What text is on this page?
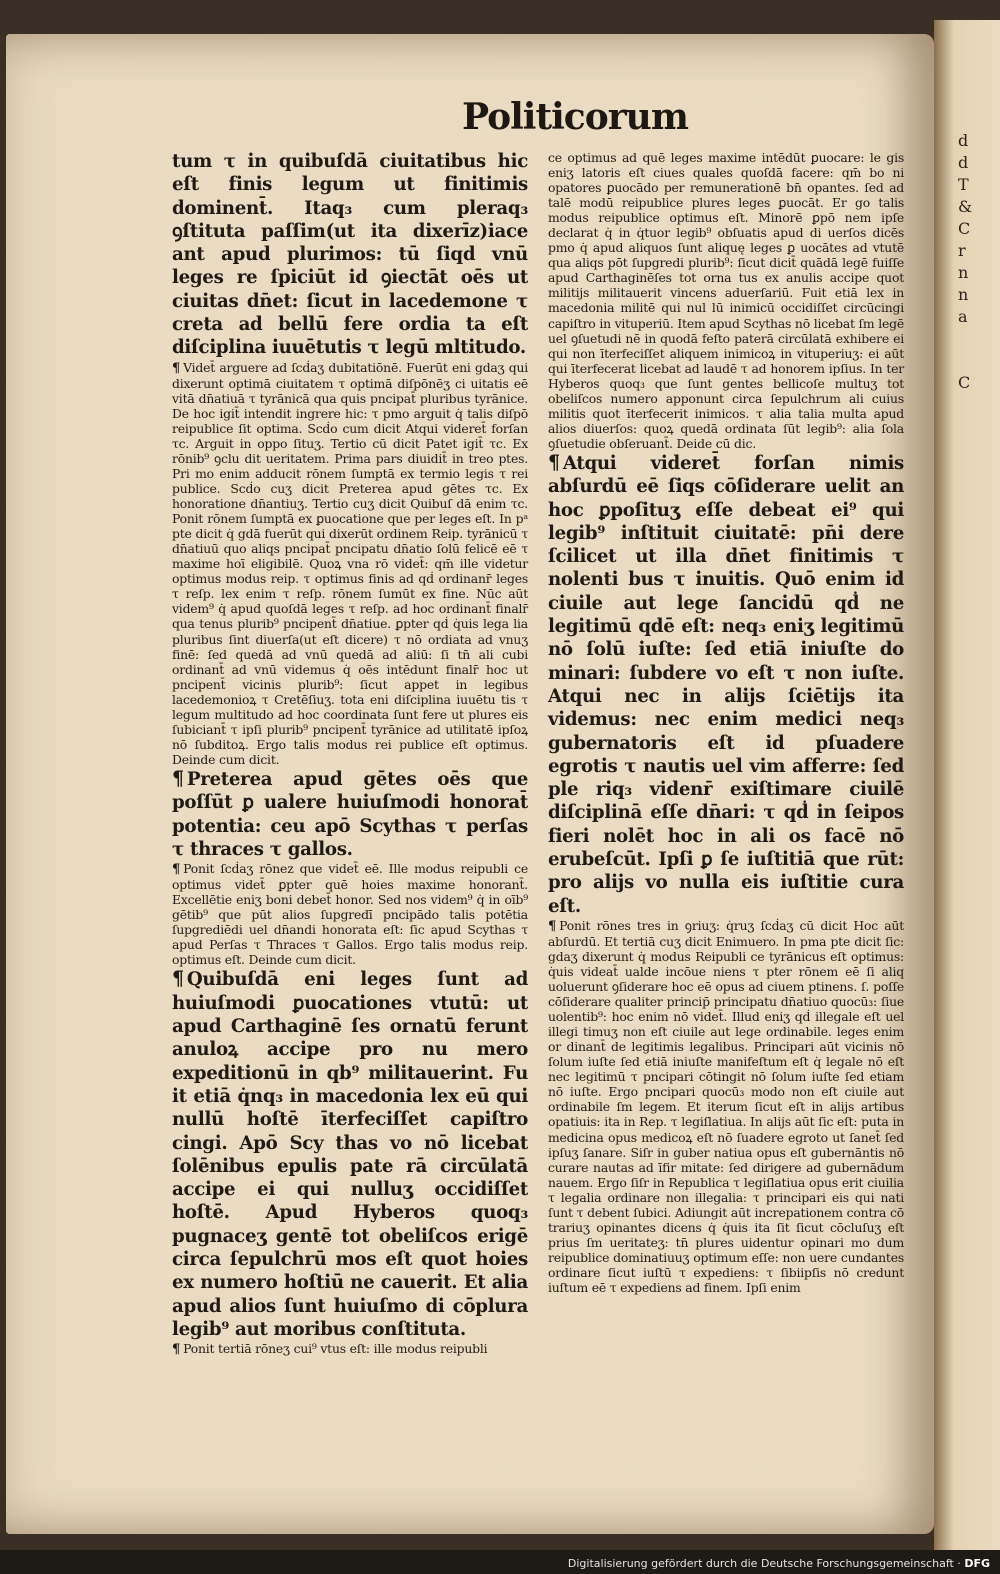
d
d
T
&
C
r
n
n
a

C
Politicorum

tum τ in quibuſdā ciuitatibus hic eſt finis legum ut finitimis dominent̄. Itaq₃ cum pleraq₃ ꝯſtituta paſſim(ut ita dixerīz)iace ant apud plurimos: tū ſiqd vnū leges re ſpiciūt id ꝯiectāt oēs ut ciuitas dn̄et: ſicut in lacedemone τ creta ad bellū fere ordia ta eſt diſciplina iuuētutis τ legū mltitudo.

¶ Videt̄ arguere ad ſcḋaʒ dubitatiōnē. Fuerūt eni gdaʒ qui dixerunt optimā ciuitatem τ optimā diſpōnēʒ ci uitatis eē vitā dn̄atiuā τ tyrānicā qua quis pncipat̄ pluribus tyrānice. De hoc igit̄ intendit ingrere hic: τ pmo arguit q̇ talis diſpō reipublice ſit optima. Scḋo cum dicit Atqui videret̄ forſan τc. Arguit in oppo ſituʒ. Tertio cū dicit Patet igit̄ τc. Ex rōnib⁹ ꝯclu dit ueritatem. Prima pars diuidit̄ in treo ptes. Pri mo enim adducit rōnem ſumptā ex termio legis τ rei publice. Scḋo cuʒ dicit Preterea apud gētes τc. Ex honoratione dn̄antiuʒ. Tertio cuʒ dicit Quibuſ dā enim τc. Ponit rōnem ſumptā ex ꝑuocatione que per leges eſt. In pᵃ pte dicit q̇ gdā fuerūt qui dixerūt ordinem Reip. tyrānicū τ dn̄atiuū quo aliqs pncipat̄ pncipatu dn̄atio ſolū felicē eē τ maxime hoī eligibilē. Quoꝝ vna rō videt̄: qm̄ ille videtur optimus modus reip. τ optimus finis ad qḋ ordinanr̄ leges τ reſp. lex enim τ reſp. rōnem ſumūt ex fine. Nūc aūt videm⁹ q̇ apud quoſdā leges τ reſp. ad hoc ordinant̄ finalr̄ qua tenus plurib⁹ pncipent̄ dn̄atiue. ꝑpter qḋ q̇uis lega lia pluribus ſint diuerſa(ut eſt dicere) τ nō ordiata ad vnuʒ finē: ſed quedā ad vnū quedā ad aliū: ſi tn̄ ali cubi ordinant̄ ad vnū videmus q̇ oēs intēdunt finalr̄ hoc ut pncipent̄ vicinis plurib⁹: ſicut appet in legibus lacedemonioꝝ τ Cretēſiuʒ. tota eni diſciplina iuuētu tis τ legum multitudo ad hoc coordinata ſunt fere ut plures eis ſubiciant̄ τ ipſi plurib⁹ pncipent̄ tyrānice ad utilitatē ipſoꝝ nō ſubditoꝝ. Ergo talis modus rei publice eſt optimus. Deinde cum dicit.

¶ Preterea apud gētes oēs que poſſūt ꝑ ualere huiuſmodi honorat̄ potentia: ceu apō Scythas τ perſas τ thraces τ gallos.

¶ Ponit ſcḋaʒ rōnez que videt̄ eē. Ille modus reipubli ce optimus videt̄ ꝑpter quē hoies maxime honorant̄. Excellētie eniʒ boni debet̄ honor. Sed nos videm⁹ q̇ in oīb⁹ gētib⁹ que pūt alios ſupgredī pncipādo talis potētia ſupgrediēdi uel dn̄andi honorata eſt: ſic apud Scythas τ apud Perſas τ Thraces τ Gallos. Ergo talis modus reip. optimus eſt. Deinde cum dicit.

¶ Quibuſdā eni leges ſunt ad huiuſmodi ꝑuocationes vtutū: ut apud Carthaginē ſes ornatū ferunt anuloꝝ accipe pro nu mero expeditionū in qb⁹ militauerint. Fu it etiā q̇nq₃ in macedonia lex eū qui nullū hoſtē īterfeciſſet capiſtro cingi. Apō Scy thas vo nō licebat ſolēnibus epulis pate rā circūlatā accipe ei qui nulluʒ occidiſſet hoſtē. Apud Hyberos quoq₃ pugnaceʒ gentē tot obeliſcos erigē circa ſepulchrū mos eſt quot hoies ex numero hoſtiū ne cauerit. Et alia apud alios ſunt huiuſmo di cōplura legib⁹ aut moribus conſtituta.

¶ Ponit tertiā rōneʒ cui⁹ vtus eſt: ille modus reipubli

ce optimus ad quē leges maxime intēdūt ꝑuocare: le gis eniʒ latoris eſt ciues quales quoſdā facere: qm̄ bo ni opatores ꝑuocādo per remunerationē bn̄ opantes. ſed ad talē modū reipublice plures leges ꝑuocāt. Er go talis modus reipublice optimus eſt. Minorē ꝑpō nem ipſe declarat q̇ in q̇tuor legib⁹ obſuatis apud di uerſos dicēs pmo q̇ apud aliquos ſunt aliquę leges ꝑ uocātes ad vtutē qua aliqs pōt ſupgredi plurib⁹: ſicut dicit̄ quādā legē fuiſſe apud Carthaginēſes tot orna tus ex anulis accipe quot militijs militauerit vincens aduerſariū. Fuit etiā lex in macedonia militē qui nul lū inimicū occidiſſet circūcingi capiſtro in vituperiū. Item apud Scythas nō licebat ſm legē uel ꝯſuetudi nē in quodā feſto paterā circūlatā exhibere ei qui non īterfeciſſet aliquem inimicoꝝ in vituperiuʒ: ei aūt qui īterfecerat licebat ad laudē τ ad honorem ipſius. In ter Hyberos quoq₃ que ſunt gentes bellicoſe multuʒ tot obeliſcos numero apponunt circa ſepulchrum ali cuius militis quot īterfecerit inimicos. τ alia talia multa apud alios diuerſos: quoꝝ quedā ordinata ſūt legib⁹: alia ſola ꝯſuetudie obſeruant̄. Deide cū dic.

¶ Atqui videret̄ forſan nimis abſurdū eē ſiqs cōſiderare uelit an hoc ꝑpoſituʒ eſſe debeat ei⁹ qui legib⁹ inſtituit ciuitatē: pn̄i dere ſcilicet ut illa dn̄et finitimis τ nolenti bus τ inuitis. Quō enim id ciuile aut lege ſancidū qḋ ne legitimū qdē eſt: neq₃ eniʒ legitimū nō ſolū iuſte: ſed etiā iniuſte do minari: ſubdere vo eſt τ non iuſte. Atqui nec in alijs ſciētijs ita videmus: nec enim medici neq₃ gubernatoris eſt id pſuadere egrotis τ nautis uel vim afferre: ſed ple riq₃ videnr̄ exiſtimare ciuilē diſciplinā eſſe dn̄ari: τ qḋ in ſeipos fieri nolēt hoc in ali os facē nō erubeſcūt. Ipſi ꝑ ſe iuſtitiā que rūt: pro alijs vo nulla eis iuſtitie cura eſt.

¶ Ponit rōnes tres in ꝯriuʒ: q̇ruʒ ſcḋaʒ cū dicit Hoc aūt abſurdū. Et tertiā cuʒ dicit Enimuero. In pma pte dicit ſic: gdaʒ dixerunt q̇ modus Reipubli ce tyrānicus eſt optimus: q̇uis videat̄ ualde incōue niens τ pter rōnem eē ſi aliq uoluerunt ꝯſiderare hoc eē opus ad ciuem ptinens. ſ. poſſe cōſiderare qualiter princip̄ principatu dn̄atiuo quocū₃: ſiue uolentib⁹: hoc enim nō videt̄. Illud eniʒ qḋ illegale eſt uel illegi timuʒ non eſt ciuile aut lege ordinabile. leges enim or dinant̄ de legitimis legalibus. Principari aūt vicinis nō ſolum iuſte ſed etiā iniuſte manifeſtum eſt q̇ legale nō eſt nec legitimū τ pncipari cōtingit nō ſolum iuſte ſed etiam nō iuſte. Ergo pncipari quocū₃ modo non eſt ciuile aut ordinabile ſm legem. Et iterum ſicut eſt in alijs artibus opatiuis: ita in Rep. τ legiſlatiua. In alijs aūt ſic eſt: puta in medicina opus medicoꝝ eſt nō ſuadere egroto ut ſanet̄ ſed ipſuʒ ſanare. Siſr in guber natiua opus eſt gubernāntis nō curare nautas ad īfir mitate: ſed dirigere ad gubernādum nauem. Ergo ſiſr in Republica τ legiſlatiua opus erit ciuilia τ legalia ordinare non illegalia: τ principari eis qui nati ſunt τ debent ſubici. Adiungit aūt increpationem contra cō trariuʒ opinantes dicens q̇ q̇uis ita ſit ſicut cōcluſuʒ eſt prius ſm ueritateʒ: tn̄ plures uidentur opinari mo dum reipublice dominatiuuʒ optimum eſſe: non uere cundantes ordinare ſicut iuſtū τ expediens: τ ſibiipſis nō credunt iuſtum eē τ expediens ad finem. Ipſi enim

Digitalisierung gefördert durch die Deutsche Forschungsgemeinschaft · DFG
